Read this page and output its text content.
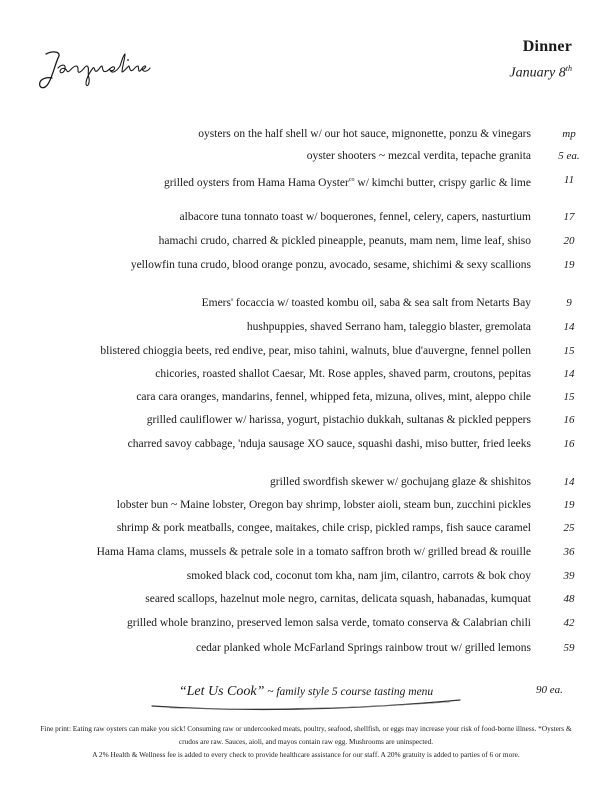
Dinner
January 8th
oysters on the half shell w/ our hot sauce, mignonette, ponzu & vinegars	mp
oyster shooters ~ mezcal verdita, tepache granita	5 ea.
grilled oysters from Hama Hama Oyster$^{co}$ w/ kimchi butter, crispy garlic & lime	11
albacore tuna tonnato toast w/ boquerones, fennel, celery, capers, nasturtium	17
hamachi crudo, charred & pickled pineapple, peanuts, mam nem, lime leaf, shiso	20
yellowfin tuna crudo, blood orange ponzu, avocado, sesame, shichimi & sexy scallions	19
Emers' focaccia w/ toasted kombu oil, saba & sea salt from Netarts Bay	9
hushpuppies, shaved Serrano ham, taleggio blaster, gremolata	14
blistered chioggia beets, red endive, pear, miso tahini, walnuts, blue d'auvergne, fennel pollen	15
chicories, roasted shallot Caesar, Mt. Rose apples, shaved parm, croutons, pepitas	14
cara cara oranges, mandarins, fennel, whipped feta, mizuna, olives, mint, aleppo chile	15
grilled cauliflower w/ harissa, yogurt, pistachio dukkah, sultanas & pickled peppers	16
charred savoy cabbage, 'nduja sausage XO sauce, squashi dashi, miso butter, fried leeks	16
grilled swordfish skewer w/ gochujang glaze & shishitos	14
lobster bun ~ Maine lobster, Oregon bay shrimp, lobster aioli, steam bun, zucchini pickles	19
shrimp & pork meatballs, congee, maitakes, chile crisp, pickled ramps, fish sauce caramel	25
Hama Hama clams, mussels & petrale sole in a tomato saffron broth w/ grilled bread & rouille	36
smoked black cod, coconut tom kha, nam jim, cilantro, carrots & bok choy	39
seared scallops, hazelnut mole negro, carnitas, delicata squash, habanadas, kumquat	48
grilled whole branzino, preserved lemon salsa verde, tomato conserva & Calabrian chili	42
cedar planked whole McFarland Springs rainbow trout w/ grilled lemons	59
“Let Us Cook” ~ family style 5 course tasting menu	90 ea.
Fine print: Eating raw oysters can make you sick! Consuming raw or undercooked meats, poultry, seafood, shellfish, or eggs may increase your risk of food-borne illness. *Oysters & crudos are raw. Sauces, aioli, and mayos contain raw egg. Mushrooms are uninspected.
A 2% Health & Wellness fee is added to every check to provide healthcare assistance for our staff. A 20% gratuity is added to parties of 6 or more.
